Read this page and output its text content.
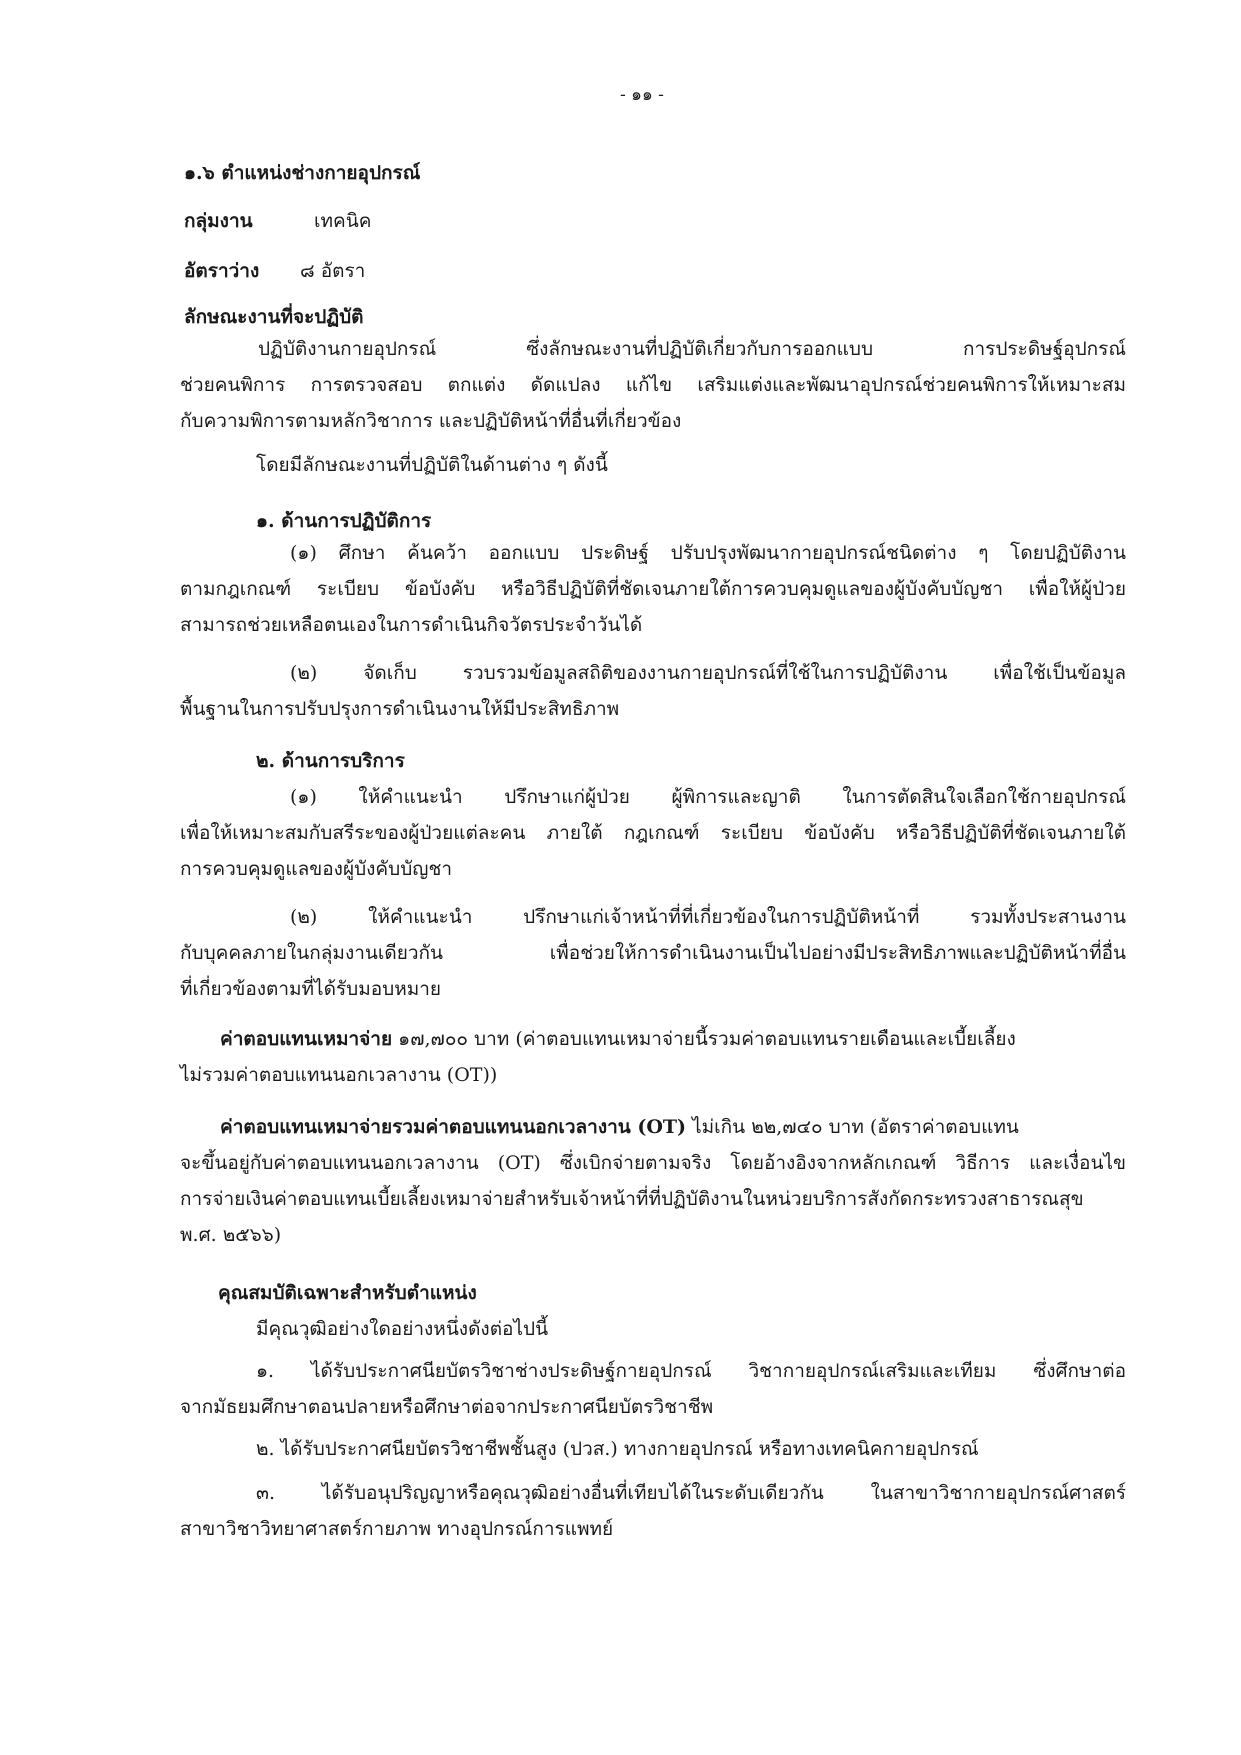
- ๑๑ -
๑.๖ ตำแหน่งช่างกายอุปกรณ์
กลุ่มงาน	เทคนิค
อัตราว่าง ๘ อัตรา
ลักษณะงานที่จะปฏิบัติ
ปฏิบัติงานกายอุปกรณ์ ซึ่งลักษณะงานที่ปฏิบัติเกี่ยวกับการออกแบบ การประดิษฐ์อุปกรณ์
ช่วยคนพิการ การตรวจสอบ ตกแต่ง ดัดแปลง แก้ไข เสริมแต่งและพัฒนาอุปกรณ์ช่วยคนพิการให้เหมาะสม
กับความพิการตามหลักวิชาการ และปฏิบัติหน้าที่อื่นที่เกี่ยวข้อง
โดยมีลักษณะงานที่ปฏิบัติในด้านต่าง ๆ ดังนี้
๑. ด้านการปฏิบัติการ
(๑) ศึกษา ค้นคว้า ออกแบบ ประดิษฐ์ ปรับปรุงพัฒนากายอุปกรณ์ชนิดต่าง ๆ โดยปฏิบัติงาน
ตามกฎเกณฑ์ ระเบียบ ข้อบังคับ หรือวิธีปฏิบัติที่ชัดเจนภายใต้การควบคุมดูแลของผู้บังคับบัญชา เพื่อให้ผู้ป่วย
สามารถช่วยเหลือตนเองในการดำเนินกิจวัตรประจำวันได้
(๒) จัดเก็บ รวบรวมข้อมูลสถิติของงานกายอุปกรณ์ที่ใช้ในการปฏิบัติงาน เพื่อใช้เป็นข้อมูล
พื้นฐานในการปรับปรุงการดำเนินงานให้มีประสิทธิภาพ
๒. ด้านการบริการ
(๑) ให้คำแนะนำ ปรึกษาแก่ผู้ป่วย ผู้พิการและญาติ ในการตัดสินใจเลือกใช้กายอุปกรณ์
เพื่อให้เหมาะสมกับสรีระของผู้ป่วยแต่ละคน ภายใต้ กฎเกณฑ์ ระเบียบ ข้อบังคับ หรือวิธีปฏิบัติที่ชัดเจนภายใต้
การควบคุมดูแลของผู้บังคับบัญชา
(๒) ให้คำแนะนำ ปรึกษาแก่เจ้าหน้าที่ที่เกี่ยวข้องในการปฏิบัติหน้าที่ รวมทั้งประสานงาน
กับบุคคลภายในกลุ่มงานเดียวกัน เพื่อช่วยให้การดำเนินงานเป็นไปอย่างมีประสิทธิภาพและปฏิบัติหน้าที่อื่น
ที่เกี่ยวข้องตามที่ได้รับมอบหมาย
ค่าตอบแทนเหมาจ่าย ๑๗,๗๐๐ บาท (ค่าตอบแทนเหมาจ่ายนี้รวมค่าตอบแทนรายเดือนและเบี้ยเลี้ยง
ไม่รวมค่าตอบแทนนอกเวลางาน (OT))
ค่าตอบแทนเหมาจ่ายรวมค่าตอบแทนนอกเวลางาน (OT) ไม่เกิน ๒๒,๗๔๐ บาท (อัตราค่าตอบแทน
จะขึ้นอยู่กับค่าตอบแทนนอกเวลางาน (OT) ซึ่งเบิกจ่ายตามจริง โดยอ้างอิงจากหลักเกณฑ์ วิธีการ และเงื่อนไข
การจ่ายเงินค่าตอบแทนเบี้ยเลี้ยงเหมาจ่ายสำหรับเจ้าหน้าที่ที่ปฏิบัติงานในหน่วยบริการสังกัดกระทรวงสาธารณสุข
พ.ศ. ๒๕๖๖)
คุณสมบัติเฉพาะสำหรับตำแหน่ง
มีคุณวุฒิอย่างใดอย่างหนึ่งดังต่อไปนี้
๑. ได้รับประกาศนียบัตรวิชาช่างประดิษฐ์กายอุปกรณ์ วิชากายอุปกรณ์เสริมและเทียม ซึ่งศึกษาต่อ
จากมัธยมศึกษาตอนปลายหรือศึกษาต่อจากประกาศนียบัตรวิชาชีพ
๒. ได้รับประกาศนียบัตรวิชาชีพชั้นสูง (ปวส.) ทางกายอุปกรณ์ หรือทางเทคนิคกายอุปกรณ์
๓. ได้รับอนุปริญญาหรือคุณวุฒิอย่างอื่นที่เทียบได้ในระดับเดียวกัน ในสาขาวิชากายอุปกรณ์ศาสตร์
สาขาวิชาวิทยาศาสตร์กายภาพ ทางอุปกรณ์การแพทย์
